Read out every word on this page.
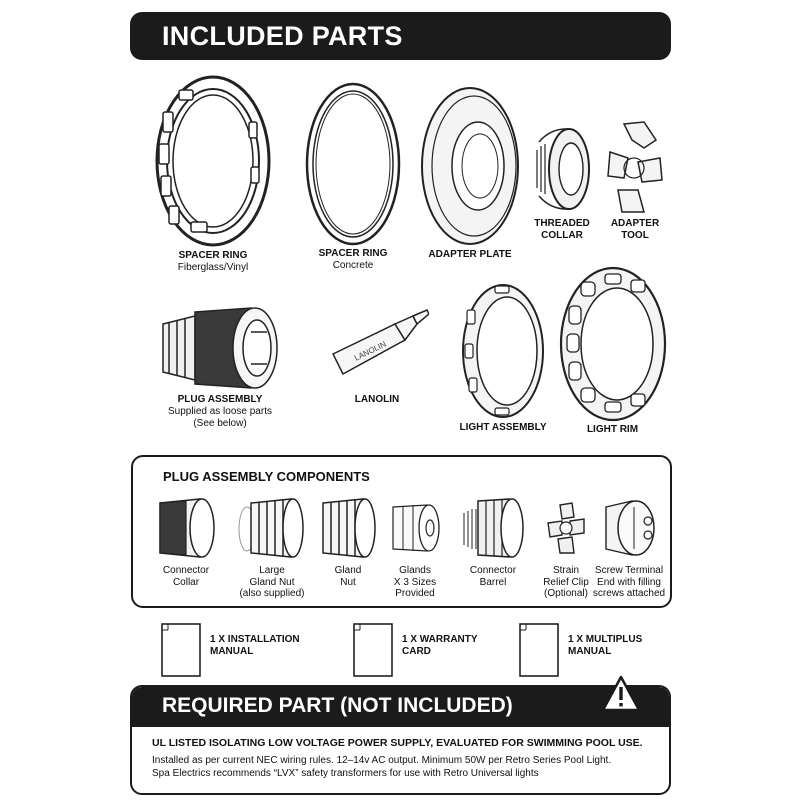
INCLUDED PARTS
SPACER RING
Fiberglass/Vinyl
SPACER RING
Concrete
ADAPTER PLATE
THREADED
COLLAR
ADAPTER
TOOL
PLUG ASSEMBLY
Supplied as loose parts
(See below)
LANOLIN
LANOLIN
LIGHT ASSEMBLY	LIGHT RIM
PLUG ASSEMBLY COMPONENTS
Connector
Collar
Large
Gland Nut
(also supplied)
Gland
Nut
Glands
X 3 Sizes
Provided
Connector
Barrel
Strain
Relief Clip
(Optional)
Screw Terminal
End with filling
screws attached
1 X INSTALLATION
MANUAL
1 X WARRANTY
CARD
1 X MULTIPLUS
MANUAL
REQUIRED PART (NOT INCLUDED)
UL LISTED ISOLATING LOW VOLTAGE POWER SUPPLY, EVALUATED FOR SWIMMING POOL USE.
Installed as per current NEC wiring rules. 12–14v AC output. Minimum 50W per Retro Series Pool Light.
Spa Electrics recommends “LVX” safety transformers for use with Retro Universal lights
